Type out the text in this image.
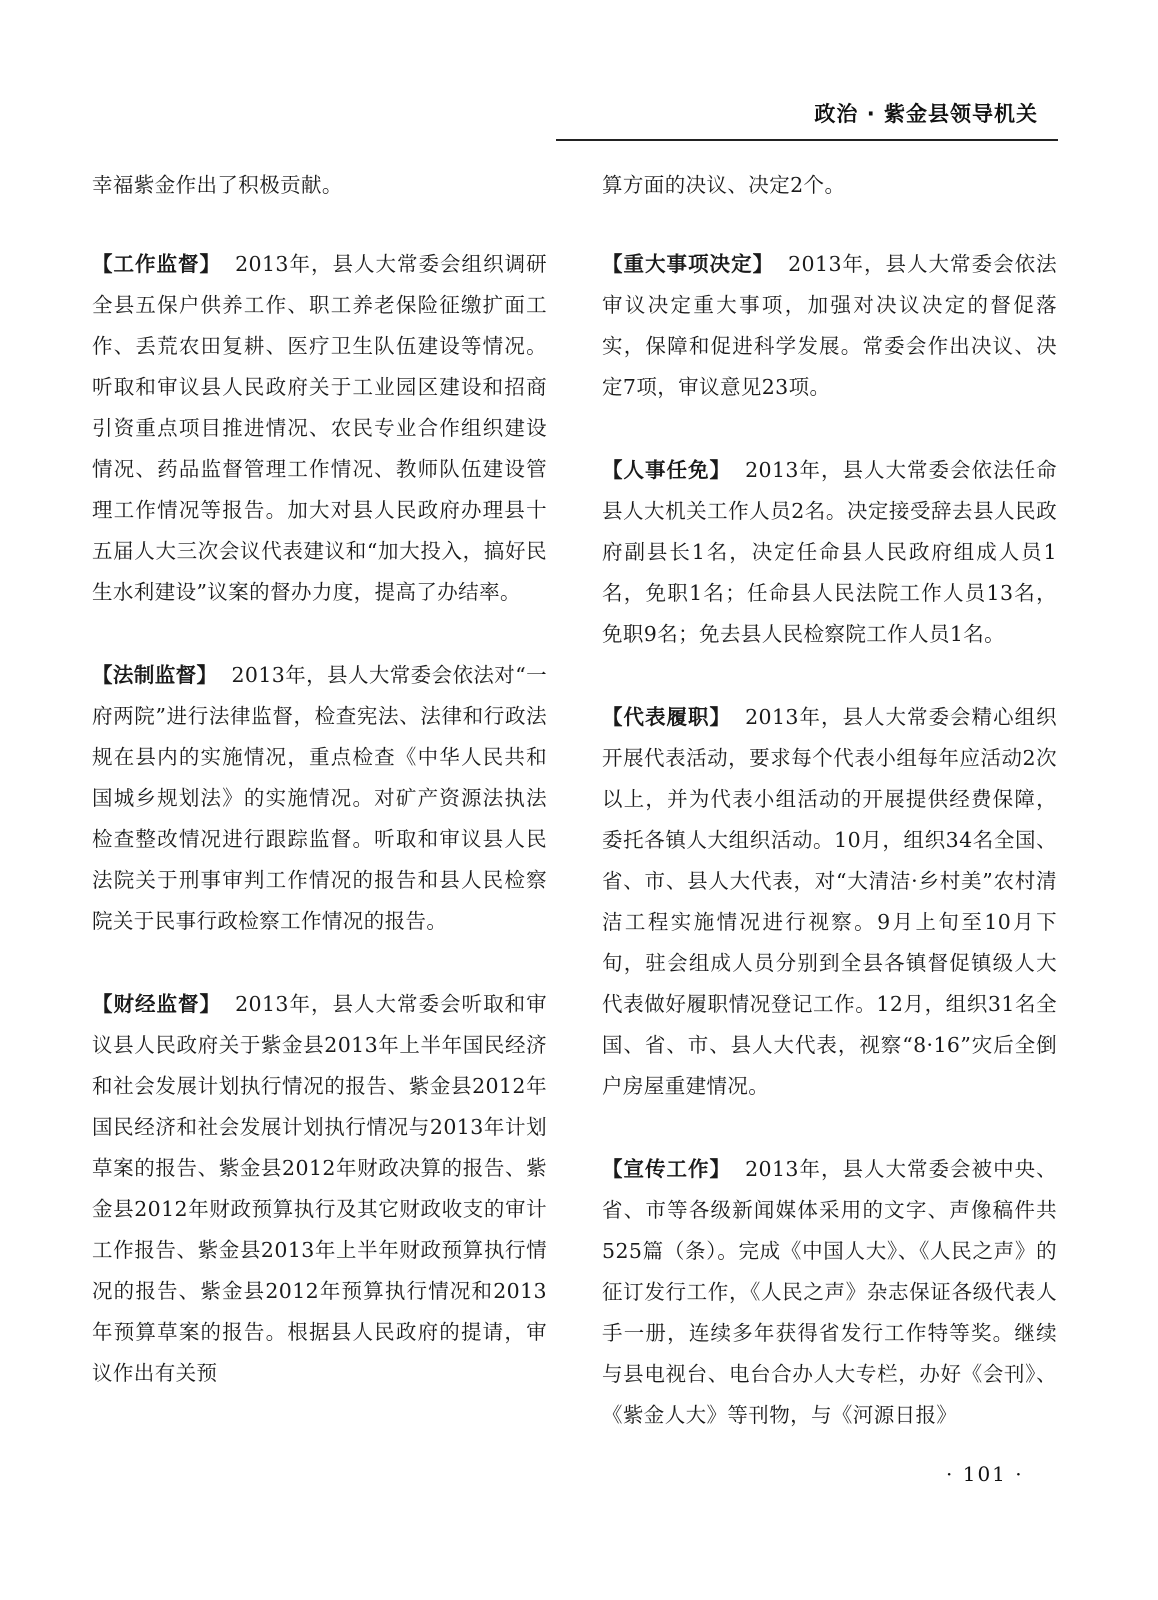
政治 · 紫金县领导机关

幸福紫金作出了积极贡献。

【工作监督】 2013年，县人大常委会组织调研全县五保户供养工作、职工养老保险征缴扩面工作、丢荒农田复耕、医疗卫生队伍建设等情况。听取和审议县人民政府关于工业园区建设和招商引资重点项目推进情况、农民专业合作组织建设情况、药品监督管理工作情况、教师队伍建设管理工作情况等报告。加大对县人民政府办理县十五届人大三次会议代表建议和“加大投入，搞好民生水利建设”议案的督办力度，提高了办结率。

【法制监督】 2013年，县人大常委会依法对“一府两院”进行法律监督，检查宪法、法律和行政法规在县内的实施情况，重点检查《中华人民共和国城乡规划法》的实施情况。对矿产资源法执法检查整改情况进行跟踪监督。听取和审议县人民法院关于刑事审判工作情况的报告和县人民检察院关于民事行政检察工作情况的报告。

【财经监督】 2013年，县人大常委会听取和审议县人民政府关于紫金县2013年上半年国民经济和社会发展计划执行情况的报告、紫金县2012年国民经济和社会发展计划执行情况与2013年计划草案的报告、紫金县2012年财政决算的报告、紫金县2012年财政预算执行及其它财政收支的审计工作报告、紫金县2013年上半年财政预算执行情况的报告、紫金县2012年预算执行情况和2013年预算草案的报告。根据县人民政府的提请，审议作出有关预

算方面的决议、决定2个。

【重大事项决定】 2013年，县人大常委会依法审议决定重大事项，加强对决议决定的督促落实，保障和促进科学发展。常委会作出决议、决定7项，审议意见23项。

【人事任免】 2013年，县人大常委会依法任命县人大机关工作人员2名。决定接受辞去县人民政府副县长1名，决定任命县人民政府组成人员1名，免职1名；任命县人民法院工作人员13名，免职9名；免去县人民检察院工作人员1名。

【代表履职】 2013年，县人大常委会精心组织开展代表活动，要求每个代表小组每年应活动2次以上，并为代表小组活动的开展提供经费保障，委托各镇人大组织活动。10月，组织34名全国、省、市、县人大代表，对“大清洁·乡村美”农村清洁工程实施情况进行视察。9月上旬至10月下旬，驻会组成人员分别到全县各镇督促镇级人大代表做好履职情况登记工作。12月，组织31名全国、省、市、县人大代表，视察“8·16”灾后全倒户房屋重建情况。

【宣传工作】 2013年，县人大常委会被中央、省、市等各级新闻媒体采用的文字、声像稿件共525篇（条）。完成《中国人大》、《人民之声》的征订发行工作，《人民之声》杂志保证各级代表人手一册，连续多年获得省发行工作特等奖。继续与县电视台、电台合办人大专栏，办好《会刊》、《紫金人大》等刊物，与《河源日报》

· 101 ·
